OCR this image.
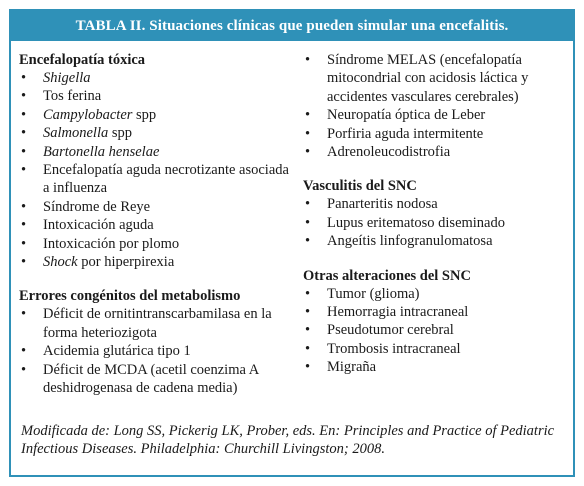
TABLA II. Situaciones clínicas que pueden simular una encefalitis.
Encefalopatía tóxica
• Shigella
• Tos ferina
• Campylobacter spp
• Salmonella spp
• Bartonella henselae
• Encefalopatía aguda necrotizante asociada a influenza
• Síndrome de Reye
• Intoxicación aguda
• Intoxicación por plomo
• Shock por hiperpirexia
Errores congénitos del metabolismo
• Déficit de ornitintranscarbamilasa en la forma heteriozigota
• Acidemia glutárica tipo 1
• Déficit de MCDA (acetil coenzima A deshidrogenasa de cadena media)
• Síndrome MELAS (encefalopatía mitocondrial con acidosis láctica y accidentes vasculares cerebrales)
• Neuropatía óptica de Leber
• Porfiria aguda intermitente
• Adrenoleucodistrofia
Vasculitis del SNC
• Panarteritis nodosa
• Lupus eritematoso diseminado
• Angeítis linfogranulomatosa
Otras alteraciones del SNC
• Tumor (glioma)
• Hemorragia intracraneal
• Pseudotumor cerebral
• Trombosis intracraneal
• Migraña
Modificada de: Long SS, Pickerig LK, Prober, eds. En: Principles and Practice of Pediatric Infectious Diseases. Philadelphia: Churchill Livingston; 2008.
